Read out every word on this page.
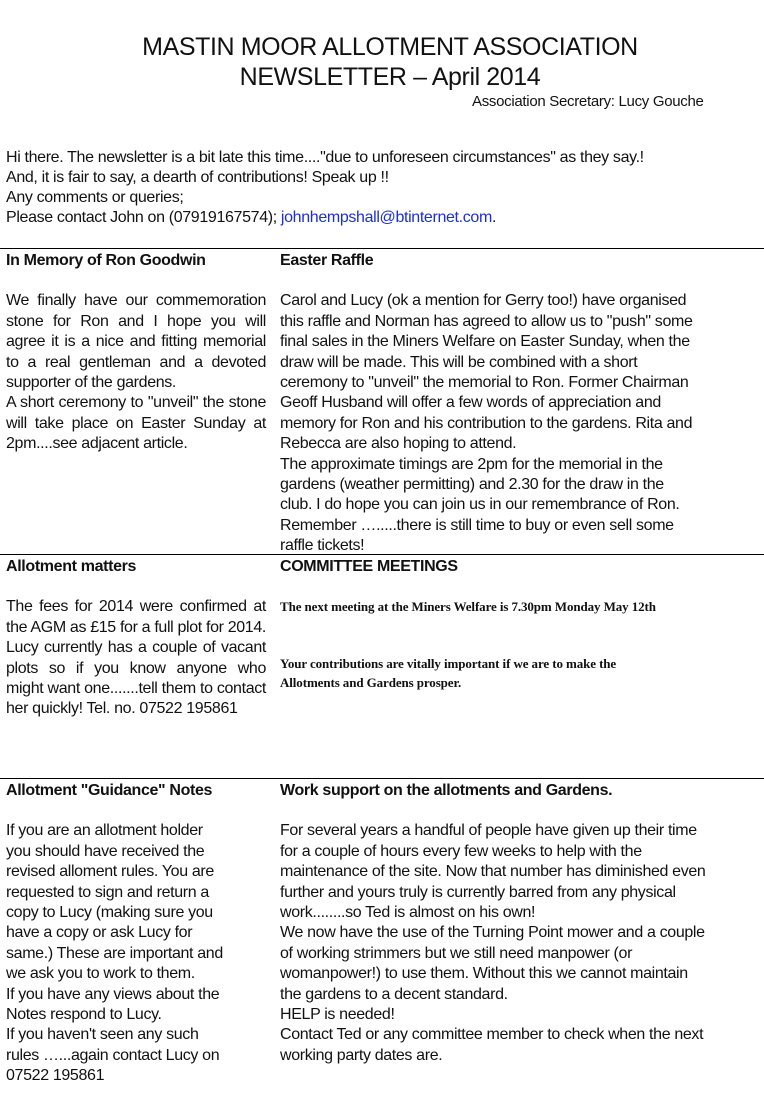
MASTIN MOOR ALLOTMENT ASSOCIATION
NEWSLETTER – April 2014
Association Secretary: Lucy Gouche
Hi there. The newsletter is a bit late this time...."due to unforeseen circumstances" as they say.!
And, it is fair to say, a dearth of contributions! Speak up !!
Any comments or queries;
Please contact John on (07919167574); johnhempshall@btinternet.com.
In Memory of Ron Goodwin

We finally have our commemoration stone for Ron and I hope you will agree it is a nice and fitting memorial to a real gentleman and a devoted supporter of the gardens.

A short ceremony to "unveil" the stone will take place on Easter Sunday at 2pm....see adjacent article.

Easter Raffle
Carol and Lucy (ok a mention for Gerry too!) have organised
this raffle and Norman has agreed to allow us to "push" some
final sales in the Miners Welfare on Easter Sunday, when the
draw will be made. This will be combined with a short
ceremony to "unveil" the memorial to Ron. Former Chairman
Geoff Husband will offer a few words of appreciation and
memory for Ron and his contribution to the gardens. Rita and
Rebecca are also hoping to attend.
The approximate timings are 2pm for the memorial in the
gardens (weather permitting) and 2.30 for the draw in the
club. I do hope you can join us in our remembrance of Ron.
Remember ….....there is still time to buy or even sell some
raffle tickets!
Allotment matters

The fees for 2014 were confirmed at the AGM as £15 for a full plot for 2014. Lucy currently has a couple of vacant plots so if you know anyone who might want one.......tell them to contact her quickly! Tel. no. 07522 195861

COMMITTEE MEETINGS
The next meeting at the Miners Welfare is 7.30pm Monday May 12th
Your contributions are vitally important if we are to make the
Allotments and Gardens prosper.
Allotment "Guidance" Notes
If you are an allotment holder
you should have received the
revised alloment rules. You are
requested to sign and return a
copy to Lucy (making sure you
have a copy or ask Lucy for
same.) These are important and
we ask you to work to them.
If you have any views about the
Notes respond to Lucy.
If you haven't seen any such
rules …...again contact Lucy on
07522 195861
Work support on the allotments and Gardens.
For several years a handful of people have given up their time
for a couple of hours every few weeks to help with the
maintenance of the site. Now that number has diminished even
further and yours truly is currently barred from any physical
work........so Ted is almost on his own!
We now have the use of the Turning Point mower and a couple
of working strimmers but we still need manpower (or
womanpower!) to use them. Without this we cannot maintain
the gardens to a decent standard.
HELP is needed!
Contact Ted or any committee member to check when the next
working party dates are.
